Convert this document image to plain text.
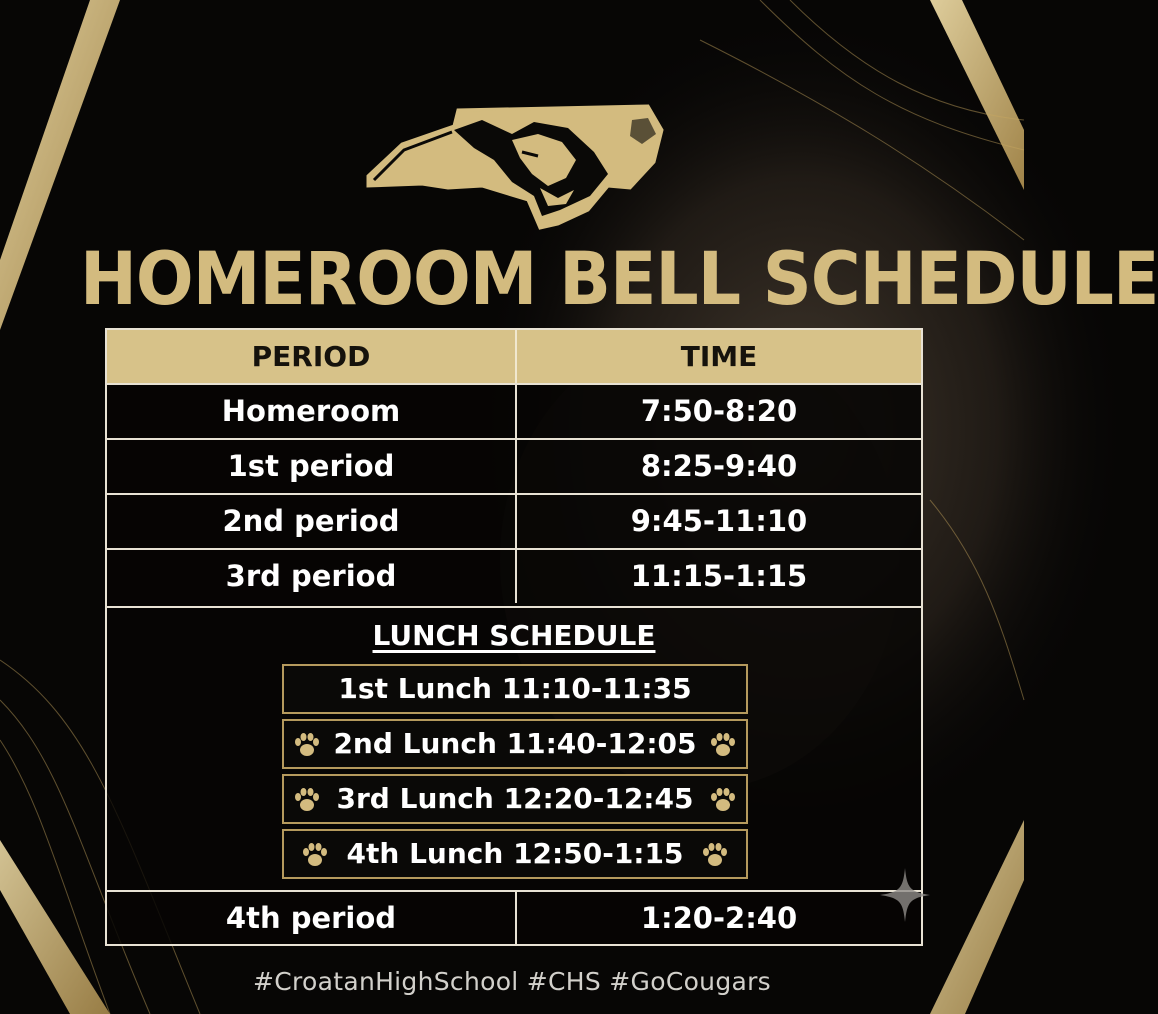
HOMEROOM BELL SCHEDULE
PERIOD	TIME
Homeroom	7:50-8:20
1st period	8:25-9:40
2nd period	9:45-11:10
3rd period	11:15-1:15
LUNCH SCHEDULE
1st Lunch 11:10-11:35
2nd Lunch 11:40-12:05
3rd Lunch 12:20-12:45
4th Lunch 12:50-1:15
4th period	1:20-2:40
#CroatanHighSchool #CHS #GoCougars
